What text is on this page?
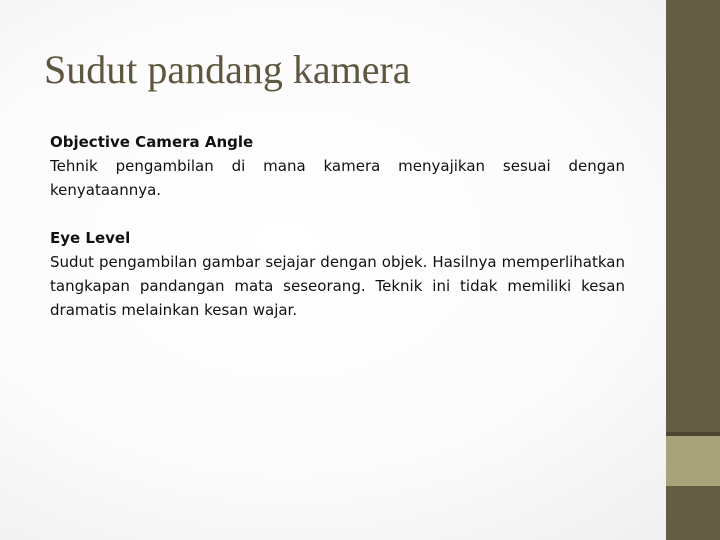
Sudut pandang kamera

Objective Camera Angle

Tehnik pengambilan di mana kamera menyajikan sesuai dengan kenyataannya.

Eye Level

Sudut pengambilan gambar sejajar dengan objek. Hasilnya memperlihatkan tangkapan pandangan mata seseorang. Teknik ini tidak memiliki kesan dramatis melainkan kesan wajar.
